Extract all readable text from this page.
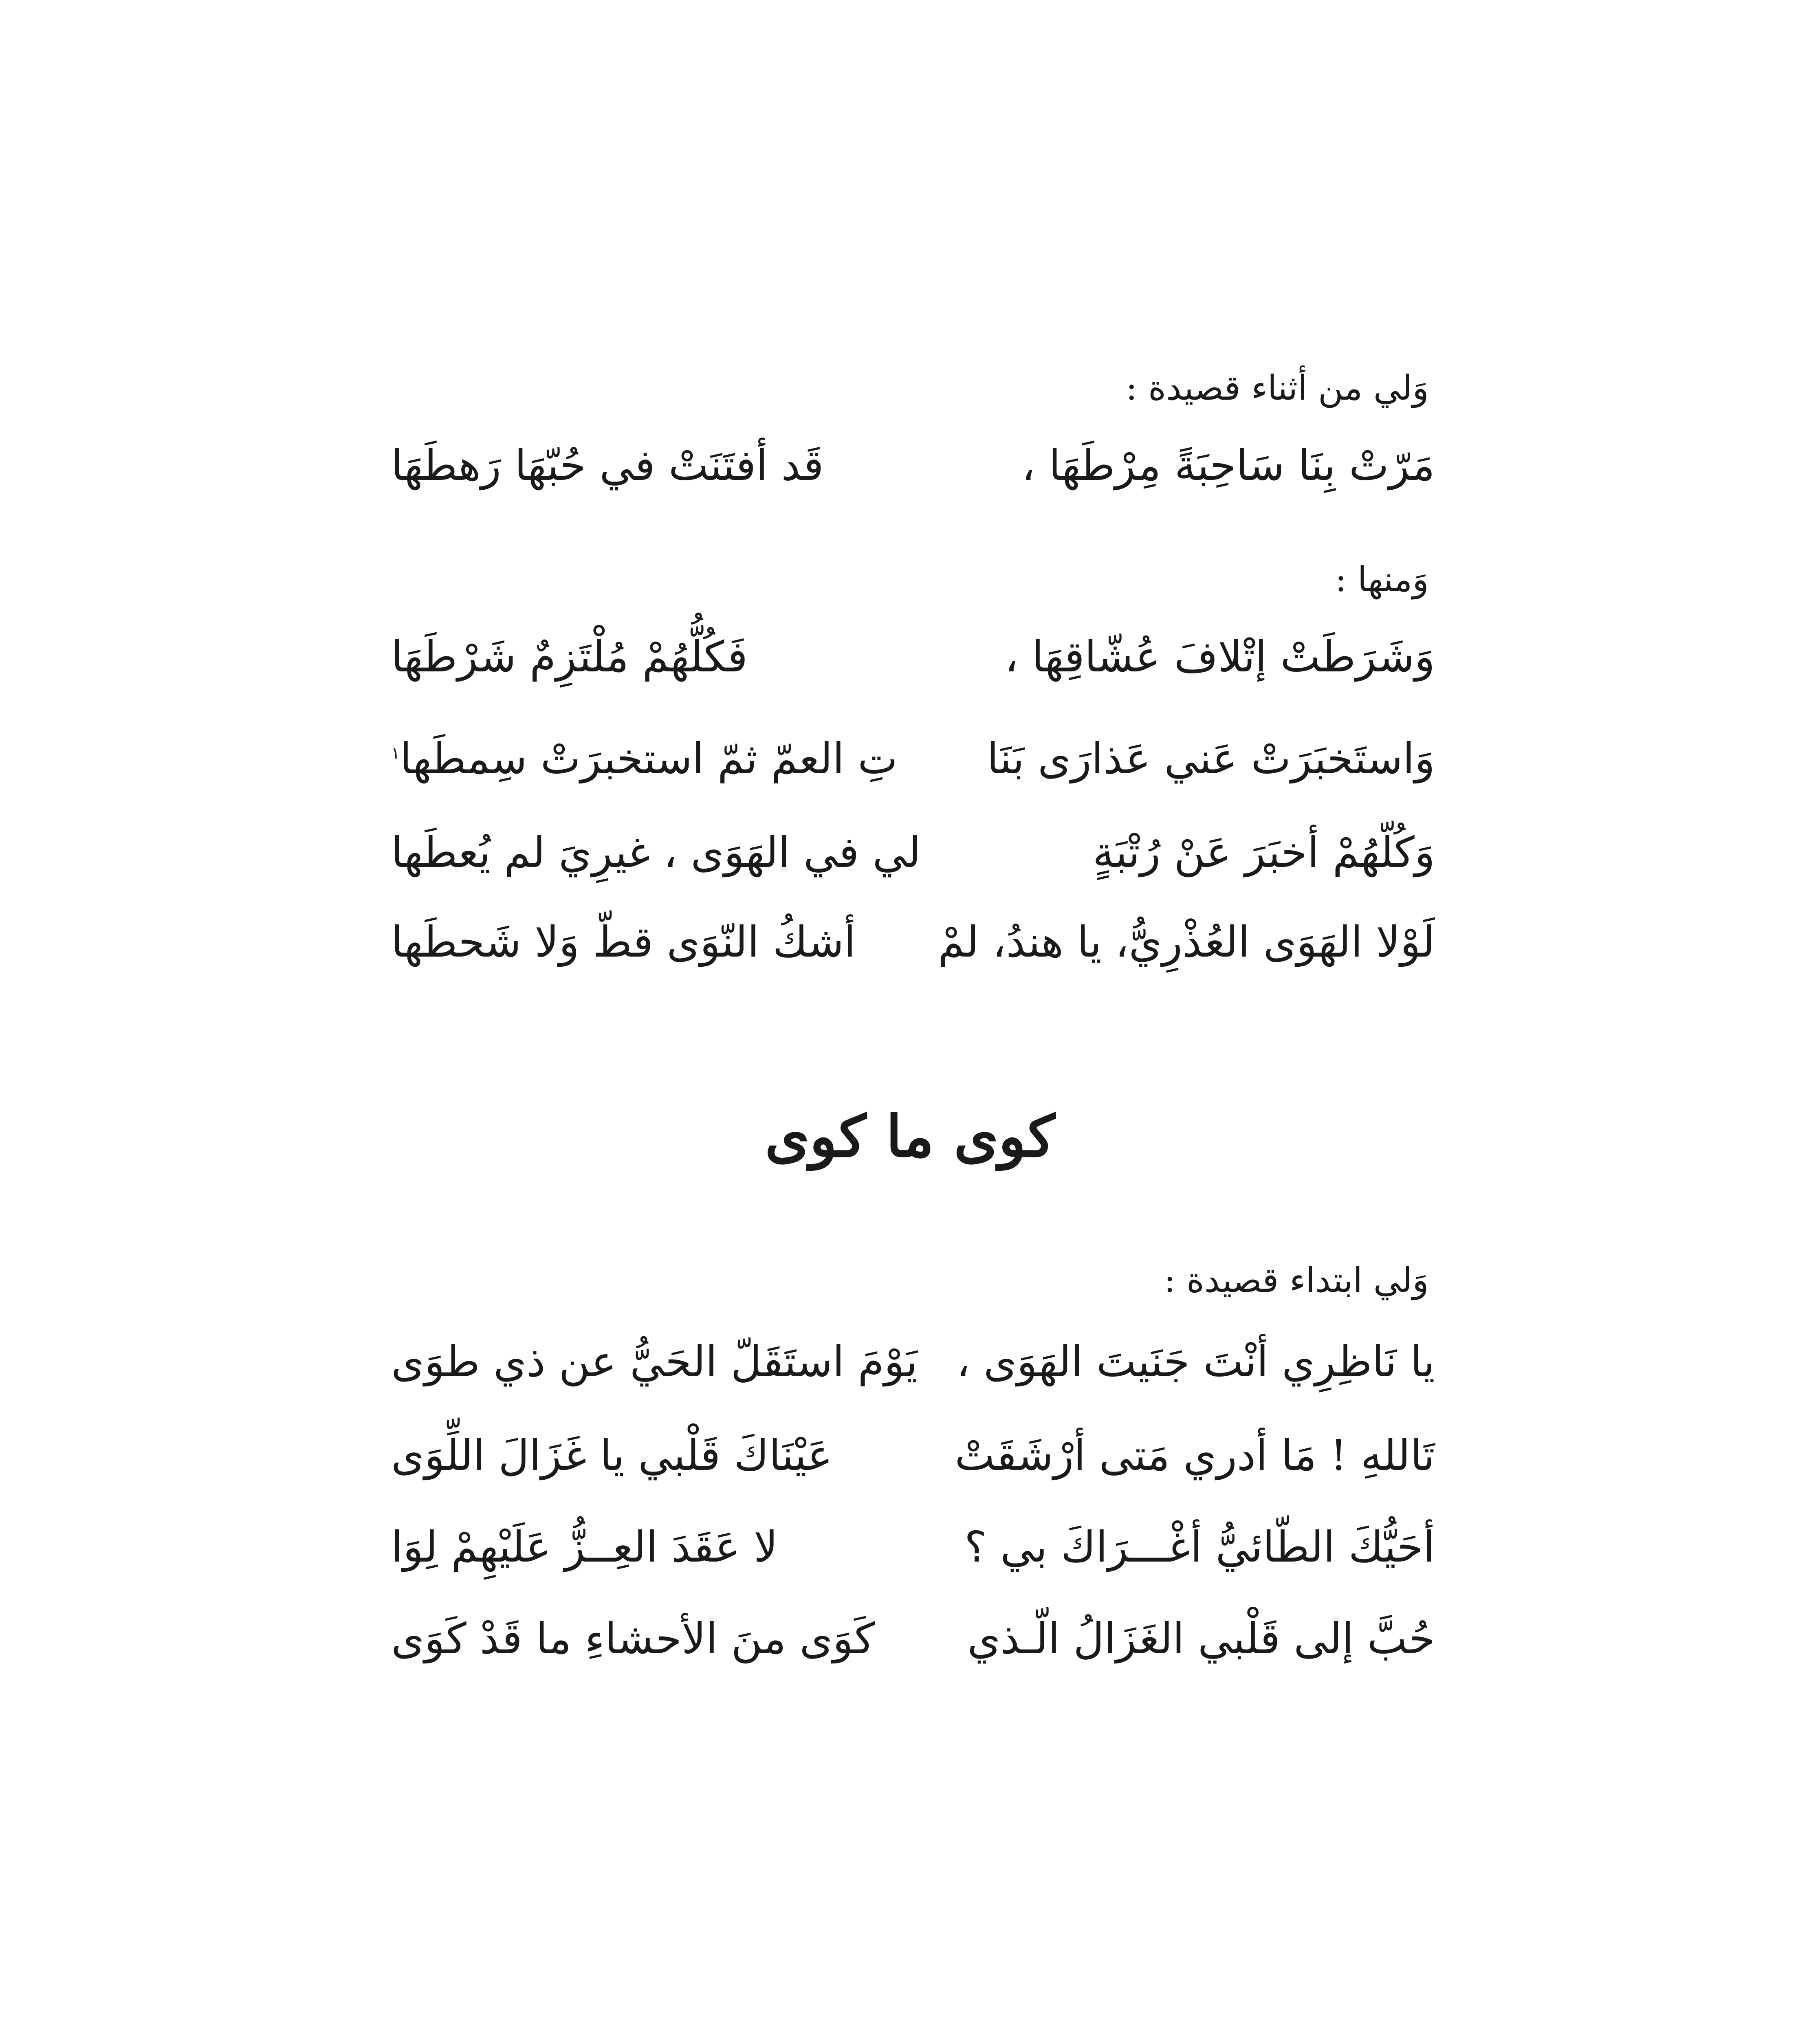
وَلي من أثناء قصيدة :
مَرّتْ بِنَا سَاحِبَةً مِرْطَهَا ،
قَد أفتَنَتْ في حُبّهَا رَهطَهَا
وَمنها :
وَشَرَطَتْ إتْلافَ عُشّاقِهَا ،
فَكُلُّهُمْ مُلْتَزِمٌ شَرْطَهَا
وَاستَخبَرَتْ عَني عَذارَى بَنَا
تِ العمّ ثمّ استخبرَتْ سِمطَها$^١$
وَكُلّهُمْ أخبَرَ عَنْ رُتْبَةٍ
لي في الهَوَى ، غيرِيَ لم يُعطَها
لَوْلا الهَوَى العُذْرِيُّ، يا هندُ، لمْ
أشكُ النّوَى قطّ وَلا شَحطَها
كوى ما كوى
وَلي ابتداء قصيدة :
يا نَاظِرِي أنْتَ جَنَيتَ الهَوَى ،
يَوْمَ استَقَلّ الحَيُّ عن ذي طوَى
تَاللهِ ! مَا أدري مَتى أرْشَقَتْ
عَيْنَاكَ قَلْبي يا غَزَالَ اللِّوَى
أحَيُّكَ الطّائيُّ أغْـــرَاكَ بي ؟
لا عَقَدَ العِــزُّ عَلَيْهِمْ لِوَا
حُبَّ إلى قَلْبي الغَزَالُ الّـذي
كَوَى منَ الأحشاءِ ما قَدْ كَوَى
